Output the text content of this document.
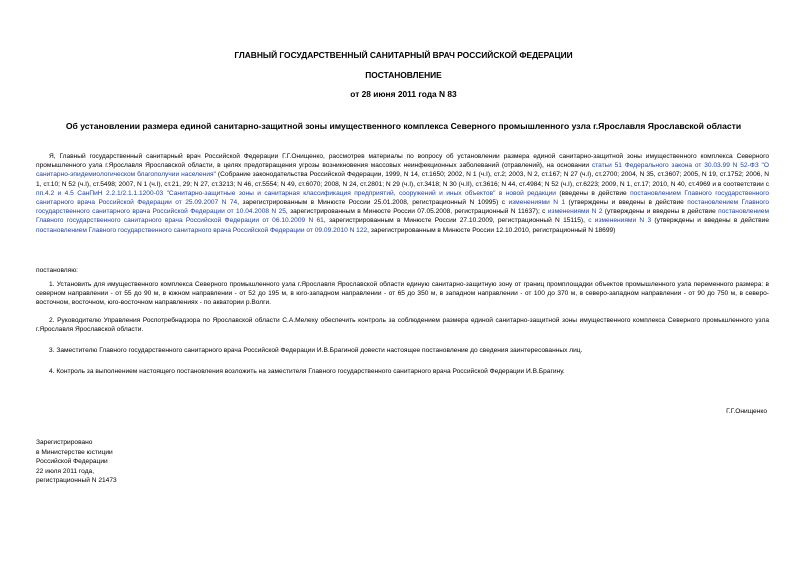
ГЛАВНЫЙ ГОСУДАРСТВЕННЫЙ САНИТАРНЫЙ ВРАЧ РОССИЙСКОЙ ФЕДЕРАЦИИ
ПОСТАНОВЛЕНИЕ
от 28 июня 2011 года N 83
Об установлении размера единой санитарно-защитной зоны имущественного комплекса Северного промышленного узла г.Ярославля Ярославской области
Я, Главный государственный санитарный врач Российской Федерации Г.Г.Онищенко, рассмотрев материалы по вопросу об установлении размера единой санитарно-защитной зоны имущественного комплекса Северного промышленного узла г.Ярославля Ярославской области, в целях предотвращения угрозы возникновения массовых неинфекционных заболеваний (отравлений), на основании статьи 51 Федерального закона от 30.03.99 N 52-ФЗ "О санитарно-эпидемиологическом благополучии населения" (Собрание законодательства Российской Федерации, 1999, N 14, ст.1650; 2002, N 1 (ч.I), ст.2; 2003, N 2, ст.167; N 27 (ч.I), ст.2700; 2004, N 35, ст.3607; 2005, N 19, ст.1752; 2006, N 1, ст.10; N 52 (ч.I), ст.5498; 2007, N 1 (ч.I), ст.21, 29; N 27, ст.3213; N 46, ст.5554; N 49, ст.6070; 2008, N 24, ст.2801; N 29 (ч.I), ст.3418; N 30 (ч.II), ст.3616; N 44, ст.4984; N 52 (ч.I), ст.6223; 2009, N 1, ст.17; 2010, N 40, ст.4969 и в соответствии с пп.4.2 и 4.5 СанПиН 2.2.1/2.1.1.1200-03 "Санитарно-защитные зоны и санитарная классификация предприятий, сооружений и иных объектов" в новой редакции (введены в действие постановлением Главного государственного санитарного врача Российской Федерации от 25.09.2007 N 74, зарегистрированным в Минюсте России 25.01.2008, регистрационный N 10995) с изменениями N 1 (утверждены и введены в действие постановлением Главного государственного санитарного врача Российской Федерации от 10.04.2008 N 25, зарегистрированным в Минюсте России 07.05.2008, регистрационный N 11637); с изменениями N 2 (утверждены и введены в действие постановлением Главного государственного санитарного врача Российской Федерации от 06.10.2009 N 61, зарегистрированным в Минюсте России 27.10.2009, регистрационный N 15115), с изменениями N 3 (утверждены и введены в действие постановлением Главного государственного санитарного врача Российской Федерации от 09.09.2010 N 122, зарегистрированным в Минюсте России 12.10.2010, регистрационный N 18699)
постановляю:
1. Установить для имущественного комплекса Северного промышленного узла г.Ярославля Ярославской области единую санитарно-защитную зону от границ промплощадки объектов промышленного узла переменного размера: в северном направлении - от 55 до 90 м, в южном направлении - от 52 до 195 м, в юго-западном направлении - от 65 до 350 м, в западном направлении - от 100 до 370 м, в северо-западном направлении - от 90 до 750 м, в северо-восточном, восточном, юго-восточном направлениях - по акватории р.Волги.
2. Руководителю Управления Роспотребнадзора по Ярославской области С.А.Мелеху обеспечить контроль за соблюдением размера единой санитарно-защитной зоны имущественного комплекса Северного промышленного узла г.Ярославля Ярославской области.
3. Заместителю Главного государственного санитарного врача Российской Федерации И.В.Брагиной довести настоящее постановление до сведения заинтересованных лиц.
4. Контроль за выполнением настоящего постановления возложить на заместителя Главного государственного санитарного врача Российской Федерации И.В.Брагину.
Г.Г.Онищенко
Зарегистрировано
в Министерстве юстиции
Российской Федерации
22 июля 2011 года,
регистрационный N 21473
